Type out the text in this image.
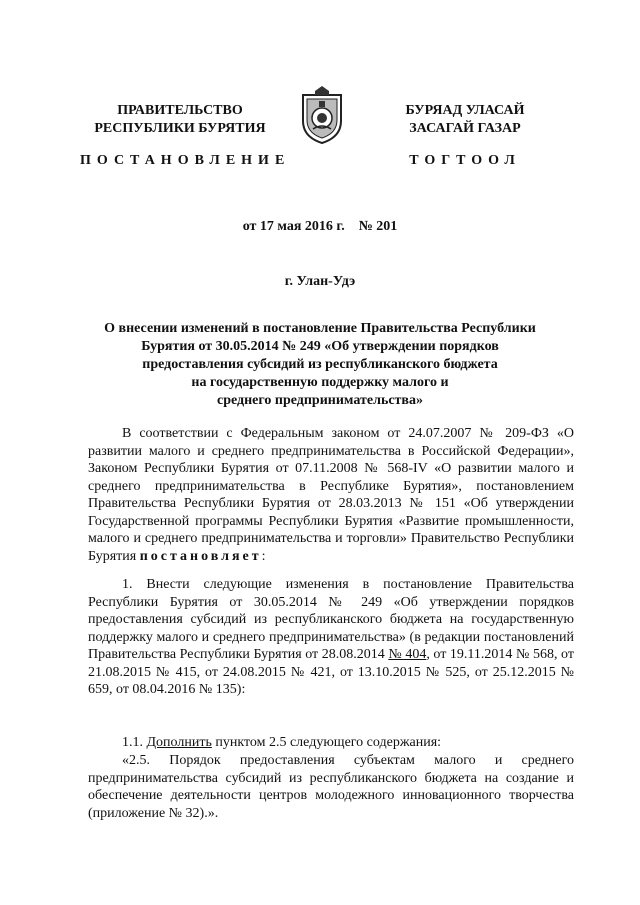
ПРАВИТЕЛЬСТВО
РЕСПУБЛИКИ БУРЯТИЯ
БУРЯАД УЛАСАЙ
ЗАСАГАЙ ГАЗАР
ПОСТАНОВЛЕНИЕ	ТОГТООЛ
от 17 мая 2016 г.    № 201
г. Улан-Удэ
О внесении изменений в постановление Правительства Республики
Бурятия от 30.05.2014 № 249 «Об утверждении порядков
предоставления субсидий из республиканского бюджета
на государственную поддержку малого и
среднего предпринимательства»
В соответствии с Федеральным законом от 24.07.2007 № 209-ФЗ «О развитии малого и среднего предпринимательства в Российской Федерации», Законом Республики Бурятия от 07.11.2008 № 568-IV «О развитии малого и среднего предпринимательства в Республике Бурятия», постановлением Правительства Республики Бурятия от 28.03.2013 № 151 «Об утверждении Государственной программы Республики Бурятия «Развитие промышленности, малого и среднего предпринимательства и торговли» Правительство Республики Бурятия постановляет:
1. Внести следующие изменения в постановление Правительства Республики Бурятия от 30.05.2014 № 249 «Об утверждении порядков предоставления субсидий из республиканского бюджета на государственную поддержку малого и среднего предпринимательства» (в редакции постановлений Правительства Республики Бурятия от 28.08.2014 № 404, от 19.11.2014 № 568, от 21.08.2015 № 415, от 24.08.2015 № 421, от 13.10.2015 № 525, от 25.12.2015 № 659, от 08.04.2016 № 135):
1.1. Дополнить пунктом 2.5 следующего содержания:
«2.5. Порядок предоставления субъектам малого и среднего предпринимательства субсидий из республиканского бюджета на создание и обеспечение деятельности центров молодежного инновационного творчества (приложение № 32).».
